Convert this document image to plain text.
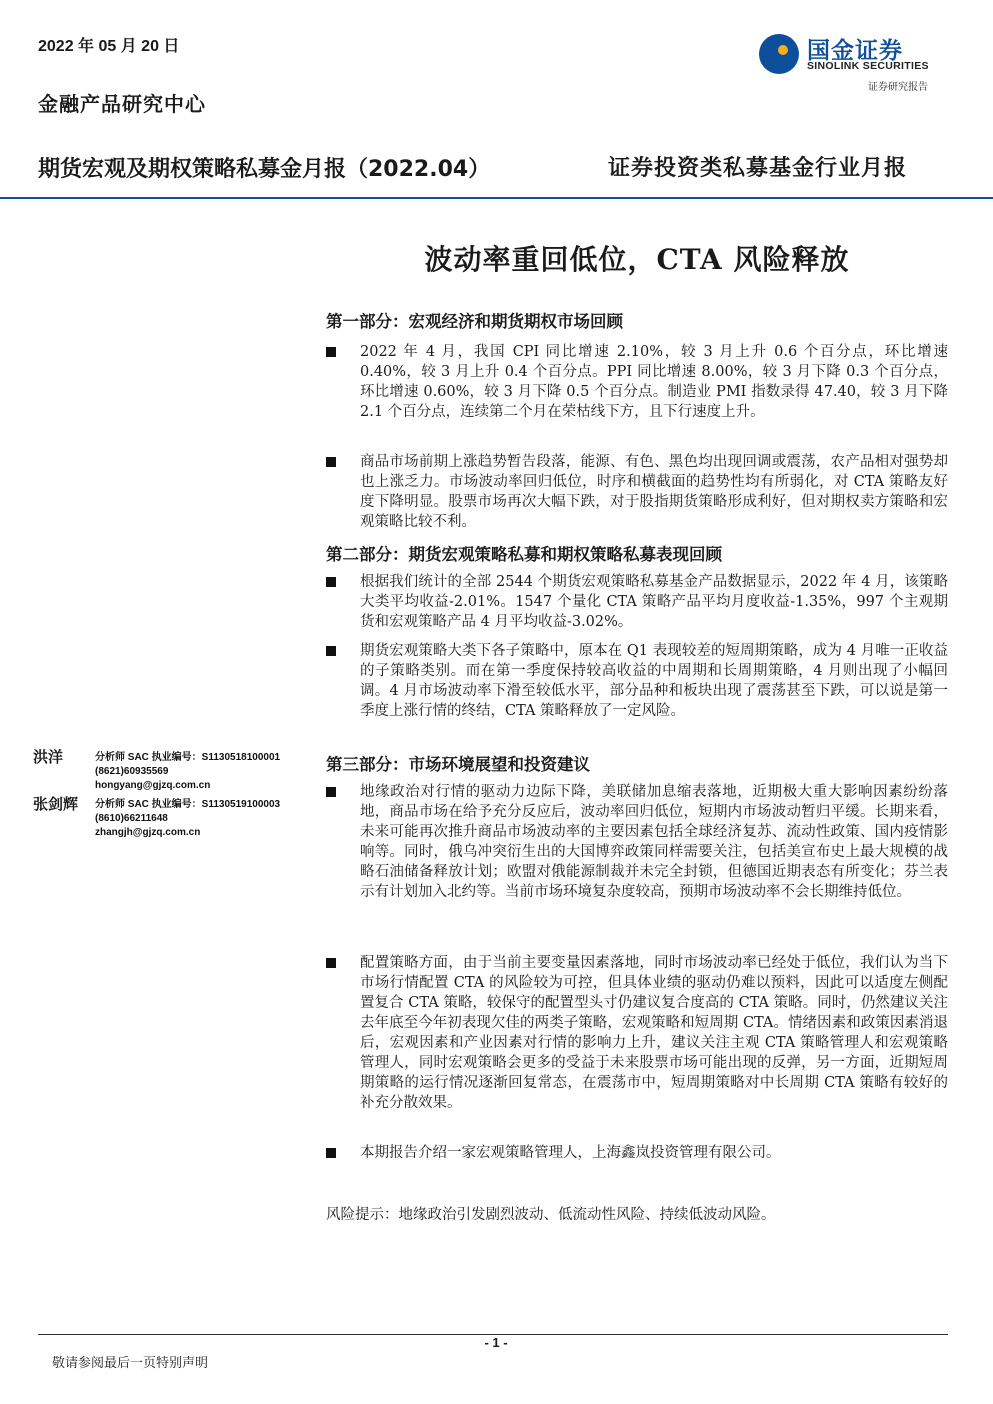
2022 年 05 月 20 日
金融产品研究中心
国金证券
SINOLINK SECURITIES
证券研究报告
期货宏观及期权策略私募金月报（2022.04）	证券投资类私募基金行业月报
波动率重回低位，CTA 风险释放
第一部分：宏观经济和期货期权市场回顾
2022 年 4 月，我国 CPI 同比增速 2.10%，较 3 月上升 0.6 个百分点，环比增速 0.40%，较 3 月上升 0.4 个百分点。PPI 同比增速 8.00%，较 3 月下降 0.3 个百分点，环比增速 0.60%，较 3 月下降 0.5 个百分点。制造业 PMI 指数录得 47.40，较 3 月下降 2.1 个百分点，连续第二个月在荣枯线下方，且下行速度上升。
商品市场前期上涨趋势暂告段落，能源、有色、黑色均出现回调或震荡，农产品相对强势却也上涨乏力。市场波动率回归低位，时序和横截面的趋势性均有所弱化，对 CTA 策略友好度下降明显。股票市场再次大幅下跌，对于股指期货策略形成利好，但对期权卖方策略和宏观策略比较不利。
第二部分：期货宏观策略私募和期权策略私募表现回顾
根据我们统计的全部 2544 个期货宏观策略私募基金产品数据显示，2022 年 4 月，该策略大类平均收益-2.01%。1547 个量化 CTA 策略产品平均月度收益-1.35%，997 个主观期货和宏观策略产品 4 月平均收益-3.02%。
期货宏观策略大类下各子策略中，原本在 Q1 表现较差的短周期策略，成为 4 月唯一正收益的子策略类别。而在第一季度保持较高收益的中周期和长周期策略，4 月则出现了小幅回调。4 月市场波动率下滑至较低水平，部分品种和板块出现了震荡甚至下跌，可以说是第一季度上涨行情的终结，CTA 策略释放了一定风险。
第三部分：市场环境展望和投资建议
地缘政治对行情的驱动力边际下降，美联储加息缩表落地，近期极大重大影响因素纷纷落地，商品市场在给予充分反应后，波动率回归低位，短期内市场波动暂归平缓。长期来看，未来可能再次推升商品市场波动率的主要因素包括全球经济复苏、流动性政策、国内疫情影响等。同时，俄乌冲突衍生出的大国博弈政策同样需要关注，包括美宣布史上最大规模的战略石油储备释放计划；欧盟对俄能源制裁并未完全封锁，但德国近期表态有所变化；芬兰表示有计划加入北约等。当前市场环境复杂度较高，预期市场波动率不会长期维持低位。
配置策略方面，由于当前主要变量因素落地，同时市场波动率已经处于低位，我们认为当下市场行情配置 CTA 的风险较为可控，但具体业绩的驱动仍难以预料，因此可以适度左侧配置复合 CTA 策略，较保守的配置型头寸仍建议复合度高的 CTA 策略。同时，仍然建议关注去年底至今年初表现欠佳的两类子策略，宏观策略和短周期 CTA。情绪因素和政策因素消退后，宏观因素和产业因素对行情的影响力上升，建议关注主观 CTA 策略管理人和宏观策略管理人，同时宏观策略会更多的受益于未来股票市场可能出现的反弹，另一方面，近期短周期策略的运行情况逐渐回复常态，在震荡市中，短周期策略对中长周期 CTA 策略有较好的补充分散效果。
本期报告介绍一家宏观策略管理人，上海鑫岚投资管理有限公司。
洪洋	分析师 SAC 执业编号：S1130518100001
(8621)60935569
hongyang@gjzq.com.cn
张剑辉 分析师 SAC 执业编号：S1130519100003
(8610)66211648
zhangjh@gjzq.com.cn
风险提示：地缘政治引发剧烈波动、低流动性风险、持续低波动风险。
- 1 -
敬请参阅最后一页特别声明
